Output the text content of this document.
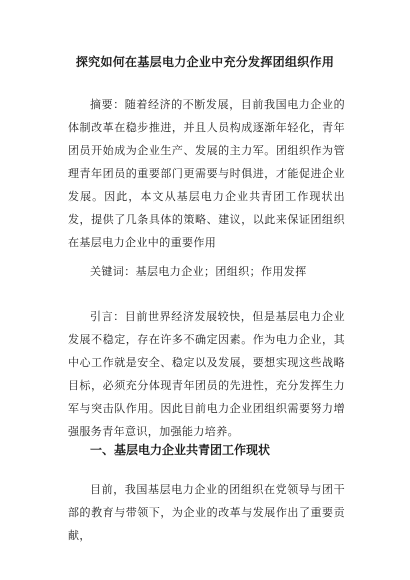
探究如何在基层电力企业中充分发挥团组织作用

摘要：随着经济的不断发展，目前我国电力企业的体制改革在稳步推进，并且人员构成逐渐年轻化，青年团员开始成为企业生产、发展的主力军。团组织作为管理青年团员的重要部门更需要与时俱进，才能促进企业发展。因此，本文从基层电力企业共青团工作现状出发，提供了几条具体的策略、建议，以此来保证团组织在基层电力企业中的重要作用

关键词：基层电力企业；团组织；作用发挥

引言：目前世界经济发展较快，但是基层电力企业发展不稳定，存在许多不确定因素。作为电力企业，其中心工作就是安全、稳定以及发展，要想实现这些战略目标，必须充分体现青年团员的先进性，充分发挥生力军与突击队作用。因此目前电力企业团组织需要努力增强服务青年意识，加强能力培养。

一、基层电力企业共青团工作现状

目前，我国基层电力企业的团组织在党领导与团干部的教育与带领下，为企业的改革与发展作出了重要贡献，
